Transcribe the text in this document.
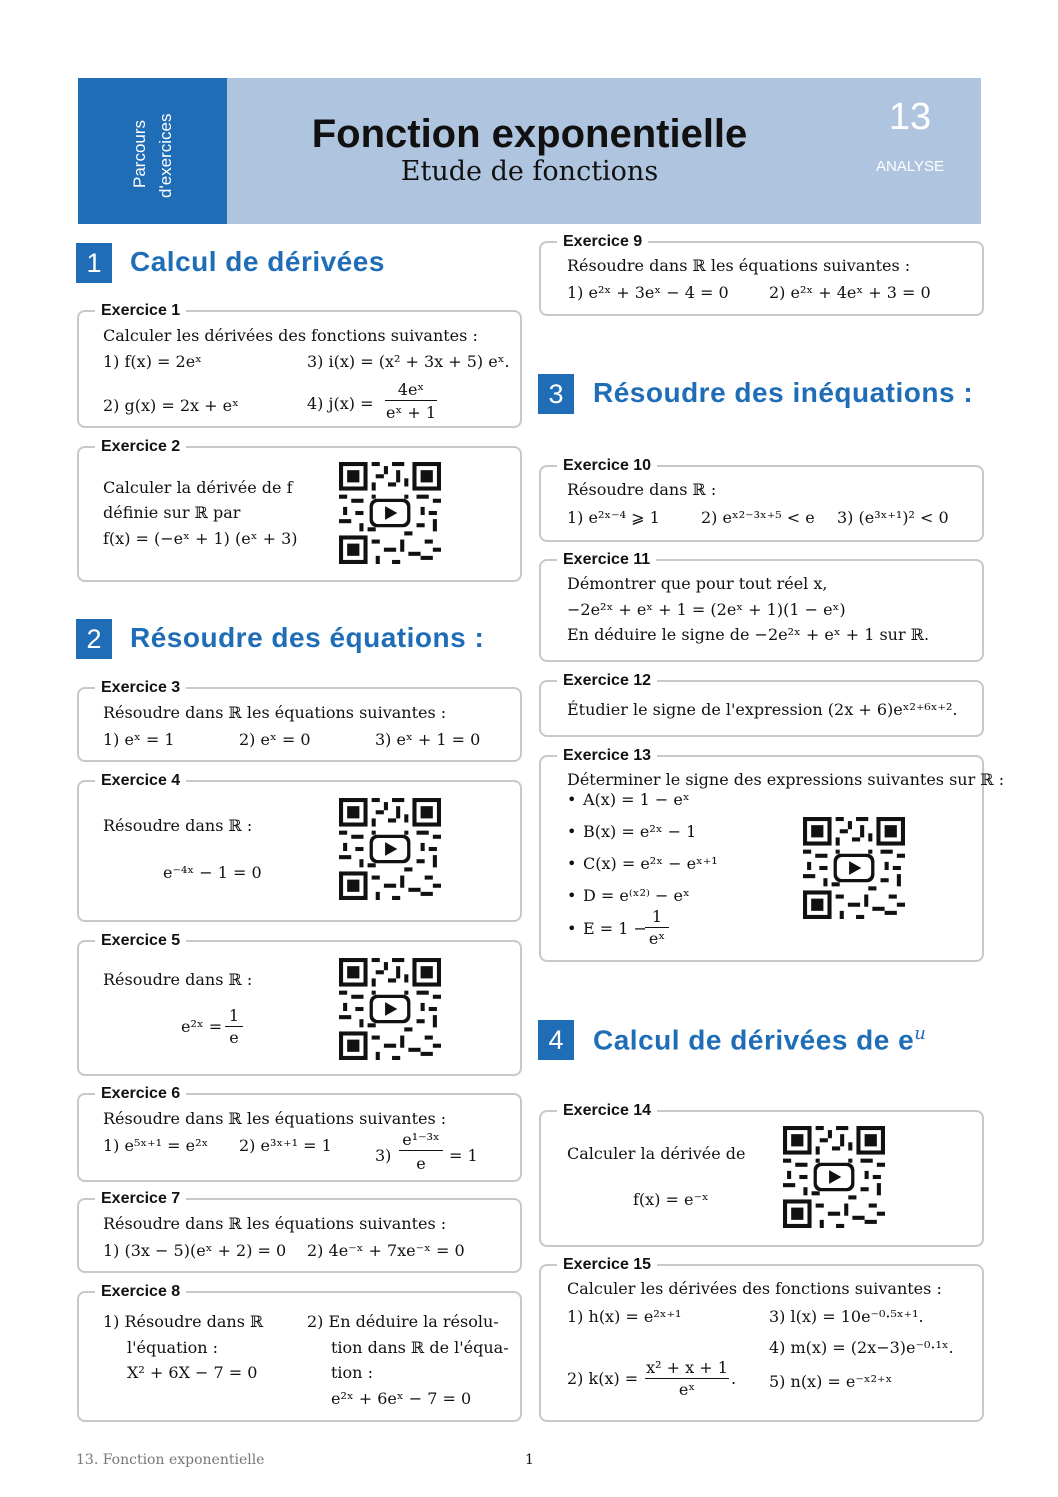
Parcours d'exercices	Fonction exponentielle
Etude de fonctions
13
ANALYSE
1	Calcul de dérivées
Exercice 1
Calculer les dérivées des fonctions suivantes :
1) f(x) = 2eˣ	3) i(x) = (x² + 3x + 5) eˣ.
2) g(x) = 2x + eˣ	4) j(x) =
4eˣ
eˣ + 1
Exercice 2
Calculer la dérivée de f
définie sur ℝ par
f(x) = (−eˣ + 1) (eˣ + 3)
2	Résoudre des équations :
Exercice 3
Résoudre dans ℝ les équations suivantes :
1) eˣ = 1	2) eˣ = 0	3) eˣ + 1 = 0
Exercice 4
Résoudre dans ℝ :
e⁻⁴ˣ − 1 = 0
Exercice 5
Résoudre dans ℝ :
e²ˣ =
1
e
Exercice 6
Résoudre dans ℝ les équations suivantes :
1) e⁵ˣ⁺¹ = e²ˣ 2) e³ˣ⁺¹ = 1
3)
e¹⁻³ˣ
e	= 1
Exercice 7
Résoudre dans ℝ les équations suivantes :
1) (3x − 5)(eˣ + 2) = 0 2) 4e⁻ˣ + 7xe⁻ˣ = 0
Exercice 8
1) Résoudre dans ℝ
l'équation :
X² + 6X − 7 = 0
2) En déduire la résolu-
tion dans ℝ de l'équa-
tion :
e²ˣ + 6eˣ − 7 = 0
Exercice 9
Résoudre dans ℝ les équations suivantes :
1) e²ˣ + 3eˣ − 4 = 0	2) e²ˣ + 4eˣ + 3 = 0
3	Résoudre des inéquations :
Exercice 10
Résoudre dans ℝ :
1) e²ˣ⁻⁴ ⩾ 1	2) eˣ²⁻³ˣ⁺⁵ < e 3) (e³ˣ⁺¹)² < 0
Exercice 11
Démontrer que pour tout réel x,
−2e²ˣ + eˣ + 1 = (2eˣ + 1)(1 − eˣ)
En déduire le signe de −2e²ˣ + eˣ + 1 sur ℝ.
Exercice 12
Étudier le signe de l'expression (2x + 6)eˣ²⁺⁶ˣ⁺².
Exercice 13
Déterminer le signe des expressions suivantes sur ℝ :
• A(x) = 1 − eˣ
• B(x) = e²ˣ − 1
• C(x) = e²ˣ − eˣ⁺¹
• D = e⁽ˣ²⁾ − eˣ
• E = 1 −
1
eˣ
4	Calcul de dérivées de $e^u$
Exercice 14
Calculer la dérivée de
f(x) = e⁻ˣ
Exercice 15
Calculer les dérivées des fonctions suivantes :
1) h(x) = e²ˣ⁺¹	3) l(x) = 10e⁻⁰·⁵ˣ⁺¹.
4) m(x) = (2x−3)e⁻⁰·¹ˣ.
2) k(x) =
x² + x + 1
eˣ
. 5) n(x) = e⁻ˣ²⁺ˣ
13. Fonction exponentielle	1
